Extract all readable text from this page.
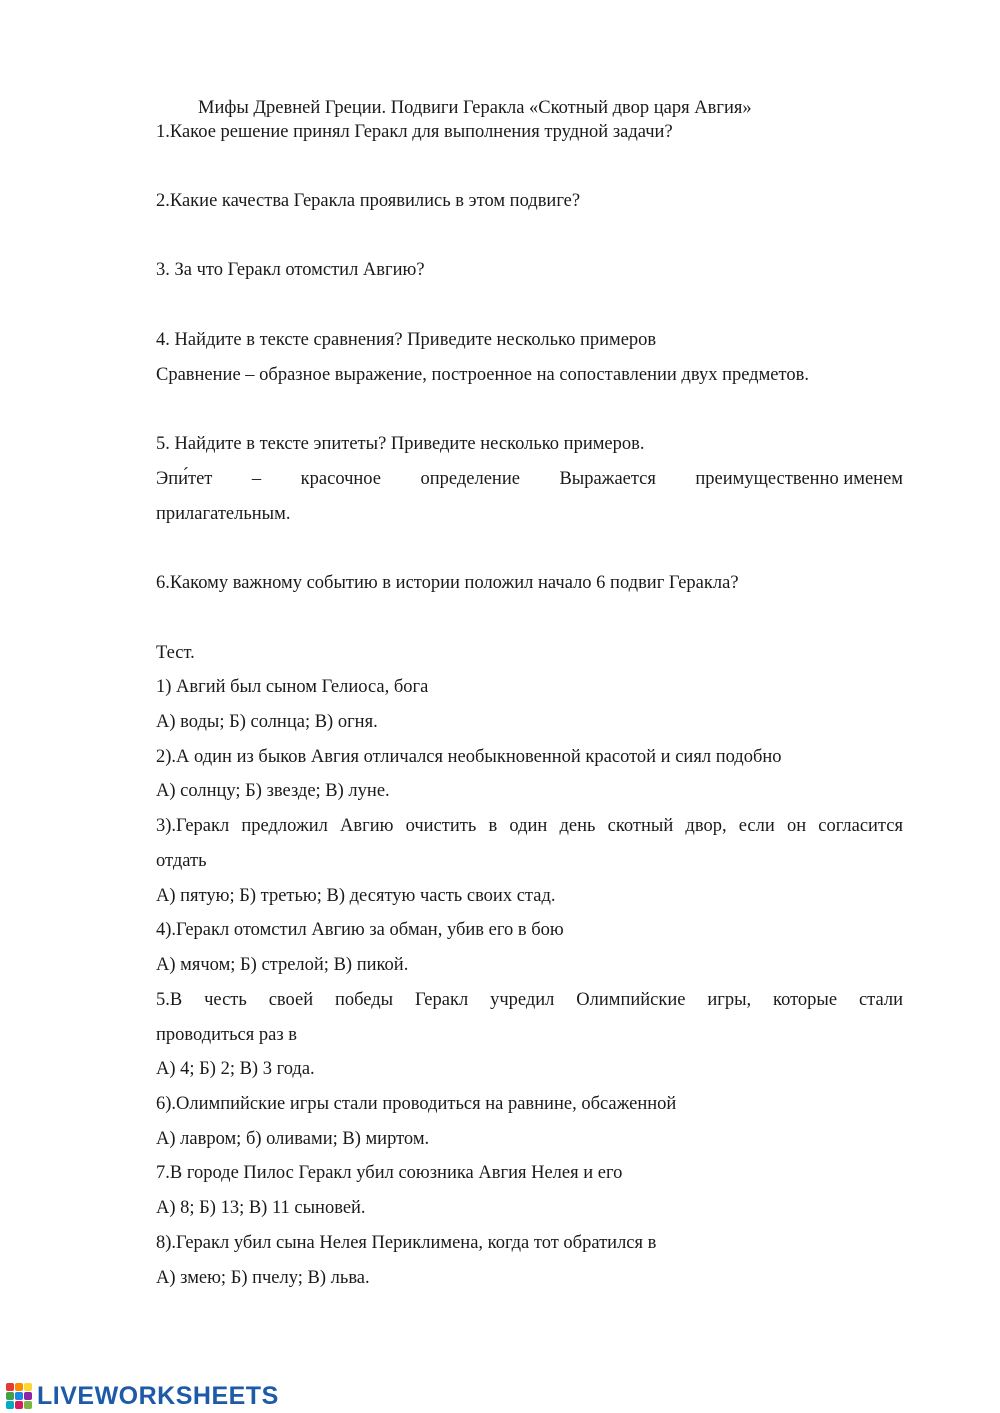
Мифы Древней Греции. Подвиги Геракла «Скотный двор царя Авгия»
1.Какое решение принял Геракл для выполнения трудной задачи?
2.Какие качества Геракла проявились в этом подвиге?
3. За что Геракл отомстил Авгию?
4. Найдите в тексте сравнения? Приведите несколько примеров
Сравнение – образное выражение, построенное на сопоставлении двух предметов.
5. Найдите в тексте эпитеты? Приведите несколько примеров.
Эпи́тет – красочное определение Выражается преимущественно именем
прилагательным.
6.Какому важному событию в истории положил начало 6 подвиг Геракла?
Тест.
1) Авгий был сыном Гелиоса, бога
А) воды; Б) солнца; В) огня.
2).А один из быков Авгия отличался необыкновенной красотой и сиял подобно
А) солнцу; Б) звезде; В) луне.
3).Геракл предложил Авгию очистить в один день скотный двор, если он согласится
отдать
А) пятую; Б) третью; В) десятую часть своих стад.
4).Геракл отомстил Авгию за обман, убив его в бою
А) мячом; Б) стрелой; В) пикой.
5.В честь своей победы Геракл учредил Олимпийские игры, которые стали
проводиться раз в
А) 4; Б) 2; В) 3 года.
6).Олимпийские игры стали проводиться на равнине, обсаженной
А) лавром; б) оливами; В) миртом.
7.В городе Пилос Геракл убил союзника Авгия Нелея и его
А) 8; Б) 13; В) 11 сыновей.
8).Геракл убил сына Нелея Периклимена, когда тот обратился в
А) змею; Б) пчелу; В) льва.
LIVEWORKSHEETS
